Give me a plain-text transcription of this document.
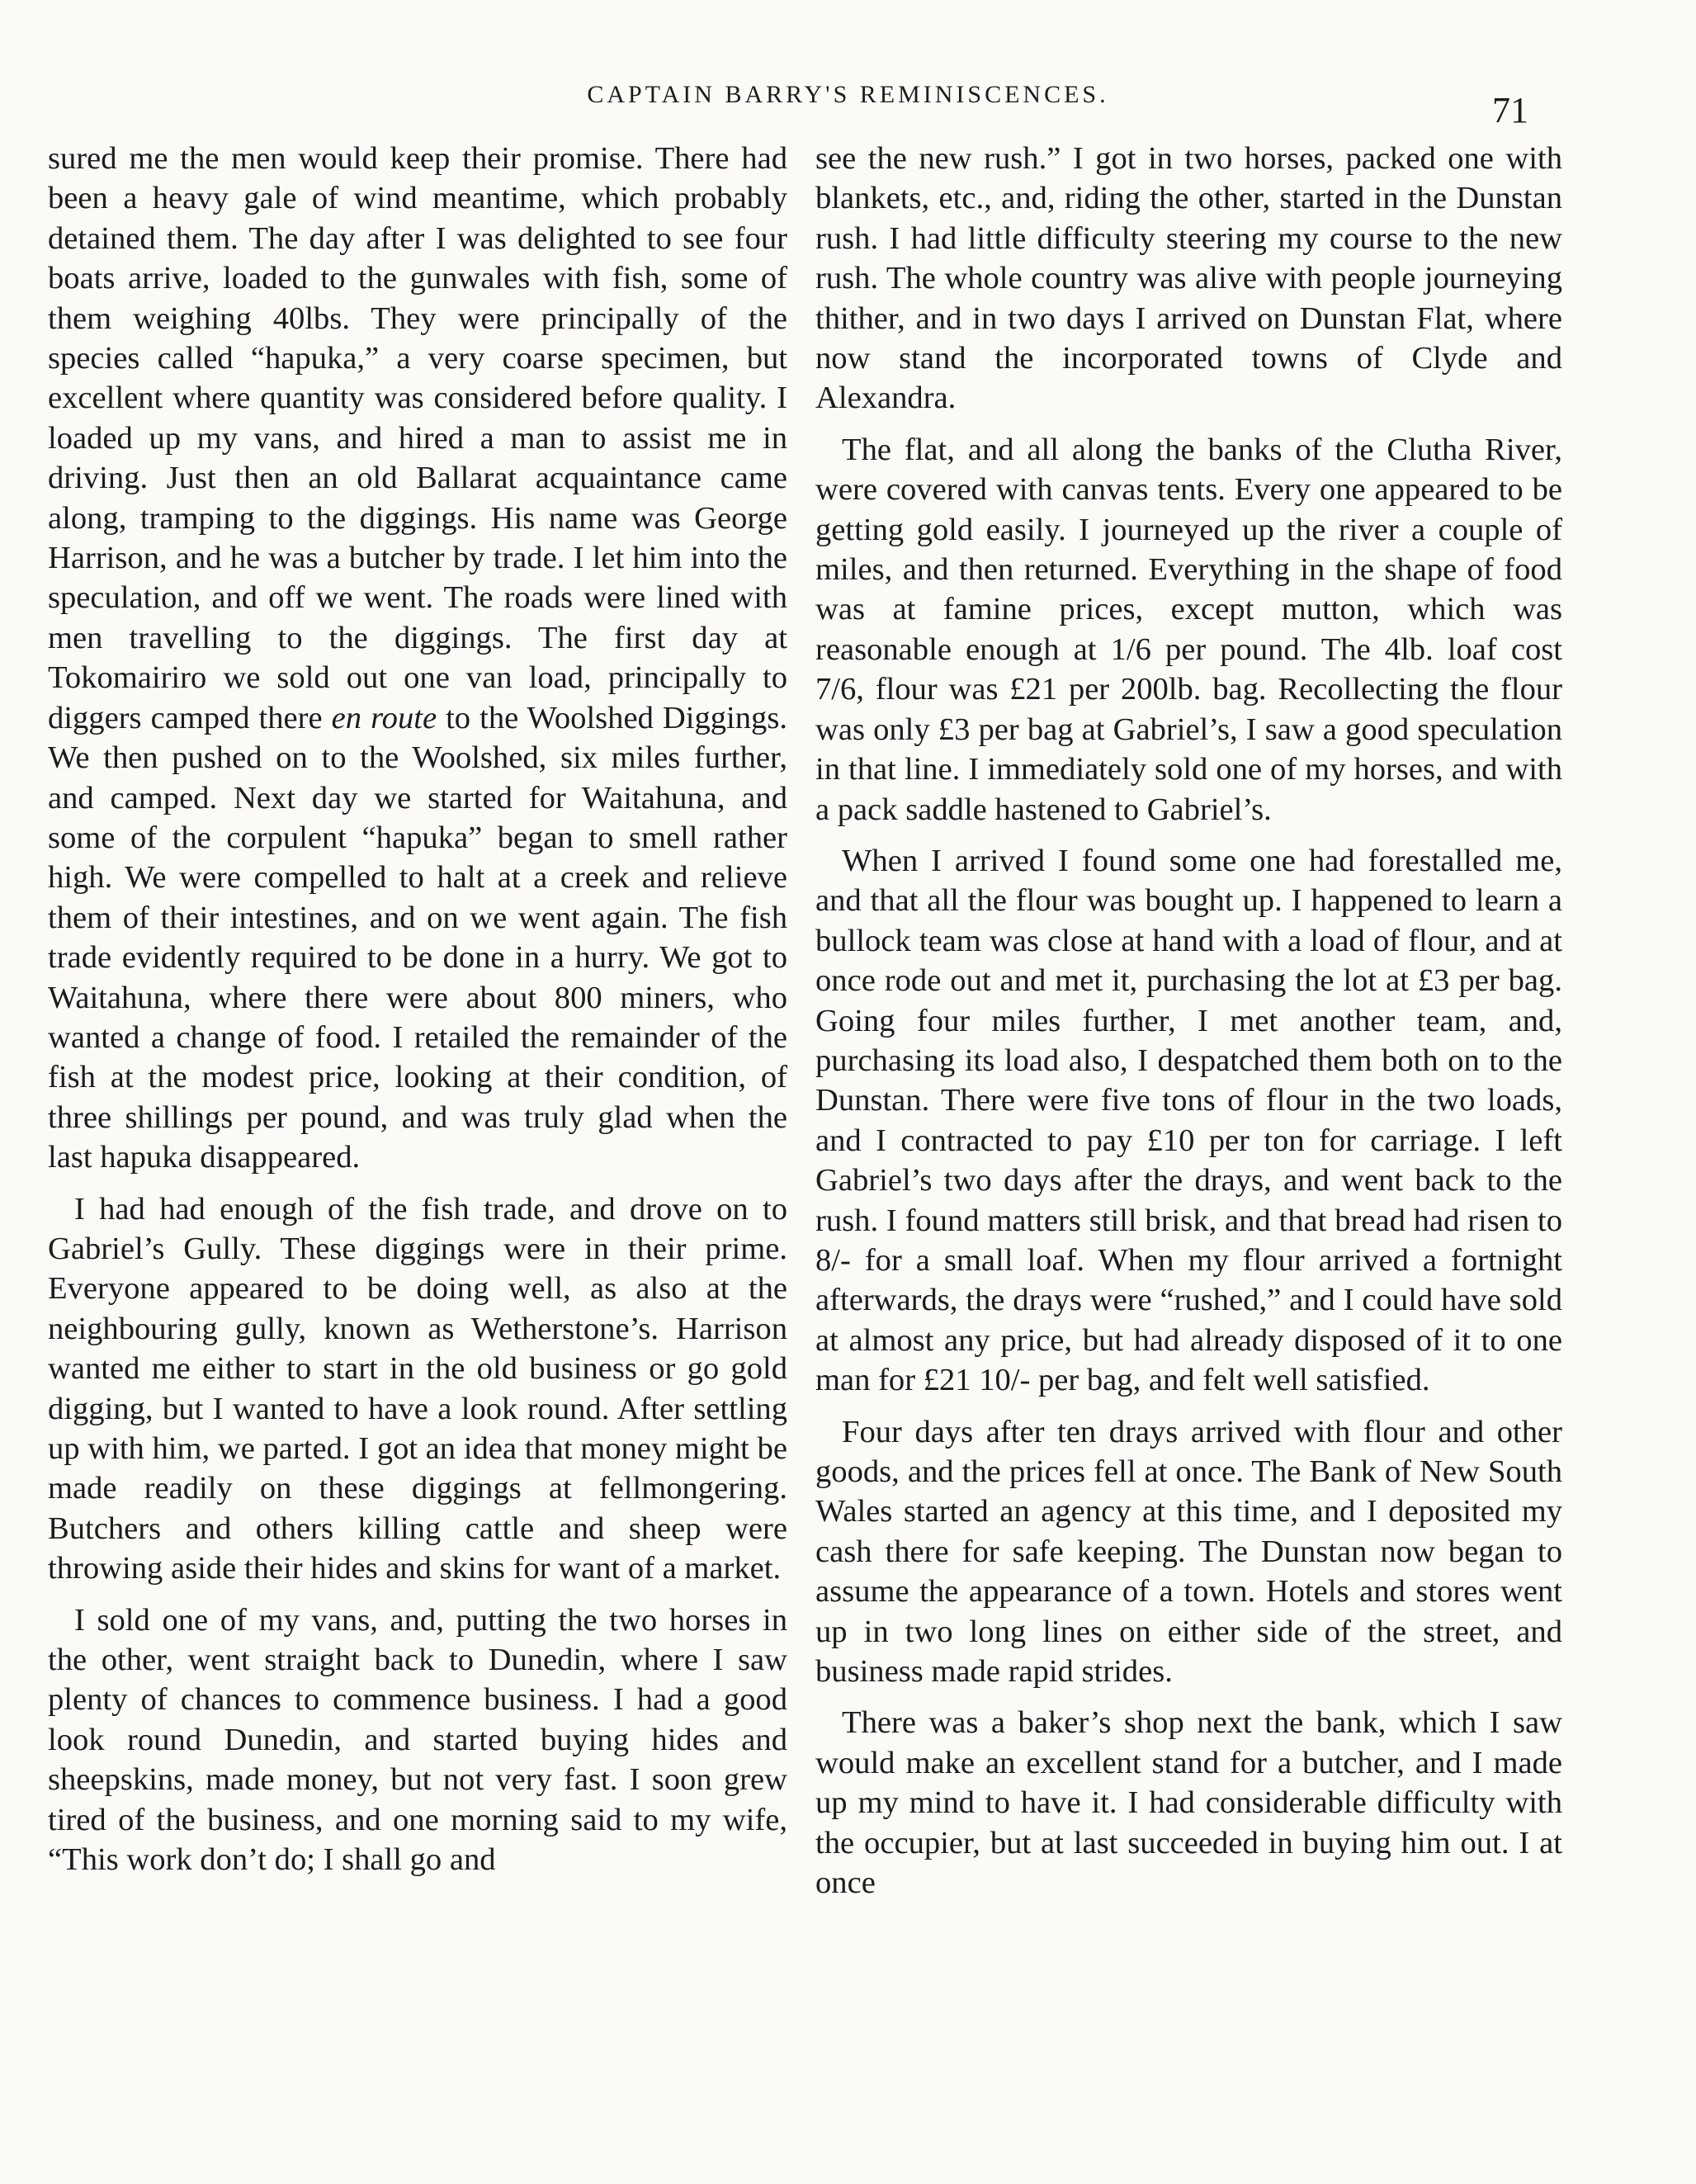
CAPTAIN BARRY'S REMINISCENCES.	71

sured me the men would keep their promise. There had been a heavy gale of wind meantime, which probably detained them. The day after I was delighted to see four boats arrive, loaded to the gunwales with fish, some of them weighing 40lbs. They were principally of the species called “hapuka,” a very coarse specimen, but excellent where quantity was considered before quality. I loaded up my vans, and hired a man to assist me in driving. Just then an old Ballarat acquaintance came along, tramping to the diggings. His name was George Harrison, and he was a butcher by trade. I let him into the speculation, and off we went. The roads were lined with men travelling to the diggings. The first day at Tokomairiro we sold out one van load, principally to diggers camped there en route to the Woolshed Diggings. We then pushed on to the Woolshed, six miles further, and camped. Next day we started for Waitahuna, and some of the corpulent “hapuka” began to smell rather high. We were compelled to halt at a creek and relieve them of their intestines, and on we went again. The fish trade evidently required to be done in a hurry. We got to Waitahuna, where there were about 800 miners, who wanted a change of food. I retailed the remainder of the fish at the modest price, looking at their condition, of three shillings per pound, and was truly glad when the last hapuka disappeared.

I had had enough of the fish trade, and drove on to Gabriel’s Gully. These diggings were in their prime. Everyone appeared to be doing well, as also at the neighbouring gully, known as Wetherstone’s. Harrison wanted me either to start in the old business or go gold digging, but I wanted to have a look round. After settling up with him, we parted. I got an idea that money might be made readily on these diggings at fellmongering. Butchers and others killing cattle and sheep were throwing aside their hides and skins for want of a market.

I sold one of my vans, and, putting the two horses in the other, went straight back to Dunedin, where I saw plenty of chances to commence business. I had a good look round Dunedin, and started buying hides and sheepskins, made money, but not very fast. I soon grew tired of the business, and one morning said to my wife, “This work don’t do; I shall go and

see the new rush.” I got in two horses, packed one with blankets, etc., and, riding the other, started in the Dunstan rush. I had little difficulty steering my course to the new rush. The whole country was alive with people journeying thither, and in two days I arrived on Dunstan Flat, where now stand the incorporated towns of Clyde and Alexandra.

The flat, and all along the banks of the Clutha River, were covered with canvas tents. Every one appeared to be getting gold easily. I journeyed up the river a couple of miles, and then returned. Everything in the shape of food was at famine prices, except mutton, which was reasonable enough at 1/6 per pound. The 4lb. loaf cost 7/6, flour was £21 per 200lb. bag. Recollecting the flour was only £3 per bag at Gabriel’s, I saw a good speculation in that line. I immediately sold one of my horses, and with a pack saddle hastened to Gabriel’s.

When I arrived I found some one had forestalled me, and that all the flour was bought up. I happened to learn a bullock team was close at hand with a load of flour, and at once rode out and met it, purchasing the lot at £3 per bag. Going four miles further, I met another team, and, purchasing its load also, I despatched them both on to the Dunstan. There were five tons of flour in the two loads, and I contracted to pay £10 per ton for carriage. I left Gabriel’s two days after the drays, and went back to the rush. I found matters still brisk, and that bread had risen to 8/- for a small loaf. When my flour arrived a fortnight afterwards, the drays were “rushed,” and I could have sold at almost any price, but had already disposed of it to one man for £21 10/- per bag, and felt well satisfied.

Four days after ten drays arrived with flour and other goods, and the prices fell at once. The Bank of New South Wales started an agency at this time, and I deposited my cash there for safe keeping. The Dunstan now began to assume the appearance of a town. Hotels and stores went up in two long lines on either side of the street, and business made rapid strides.

There was a baker’s shop next the bank, which I saw would make an excellent stand for a butcher, and I made up my mind to have it. I had considerable difficulty with the occupier, but at last succeeded in buying him out. I at once
